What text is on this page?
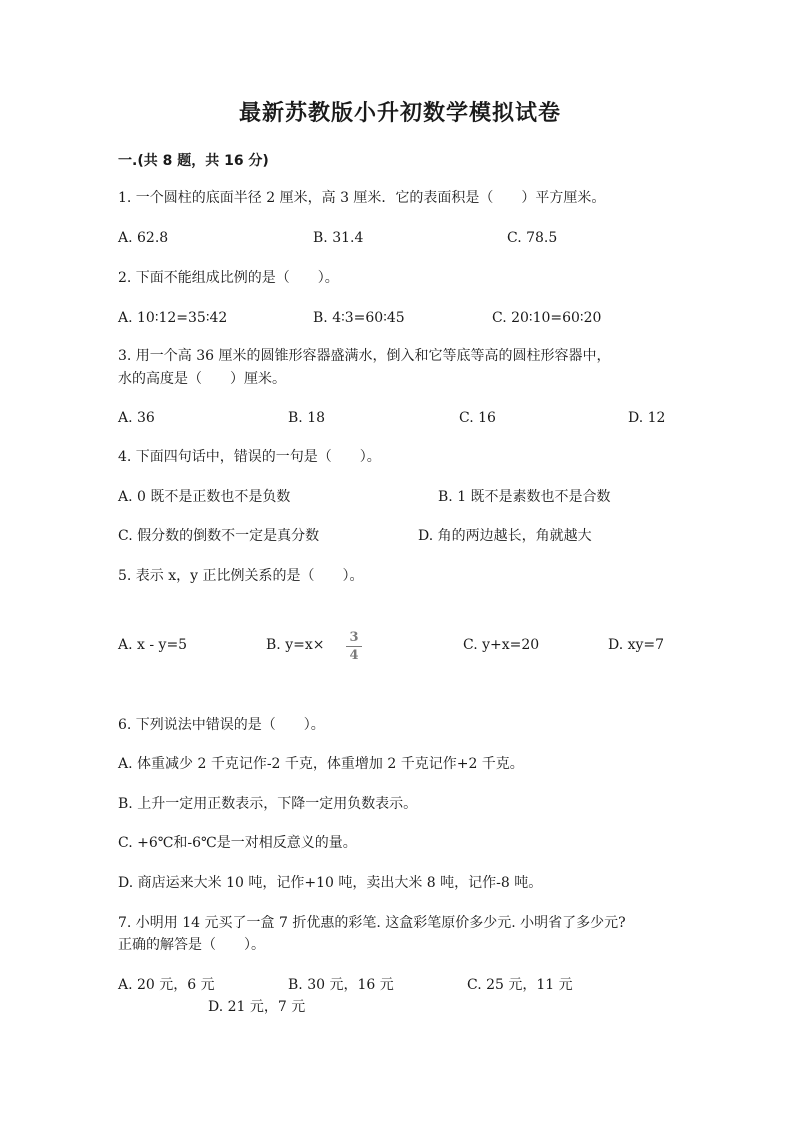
最新苏教版小升初数学模拟试卷
一.(共 8 题，共 16 分)
1. 一个圆柱的底面半径 2 厘米，高 3 厘米．它的表面积是（　　）平方厘米。
A. 62.8	B. 31.4	C. 78.5
2. 下面不能组成比例的是（　　）。
A. 10∶12=35∶42	B. 4∶3=60∶45	C. 20∶10=60∶20
3. 用一个高 36 厘米的圆锥形容器盛满水，倒入和它等底等高的圆柱形容器中，
水的高度是（　　）厘米。
A. 36	B. 18	C. 16	D. 12
4. 下面四句话中，错误的一句是（　　）。
A. 0 既不是正数也不是负数	B. 1 既不是素数也不是合数
C. 假分数的倒数不一定是真分数	D. 角的两边越长，角就越大
5. 表示 x，y 正比例关系的是（　　）。
A. x - y=5	B. y=x× 3
4
C. y+x=20	D. xy=7
6. 下列说法中错误的是（　　）。
A. 体重减少 2 千克记作-2 千克，体重增加 2 千克记作+2 千克。
B. 上升一定用正数表示，下降一定用负数表示。
C. +6℃和-6℃是一对相反意义的量。
D. 商店运来大米 10 吨，记作+10 吨，卖出大米 8 吨，记作-8 吨。
7. 小明用 14 元买了一盒 7 折优惠的彩笔. 这盒彩笔原价多少元. 小明省了多少元?
正确的解答是（　　）。
A. 20 元，6 元	B. 30 元，16 元	C. 25 元，11 元
D. 21 元，7 元
